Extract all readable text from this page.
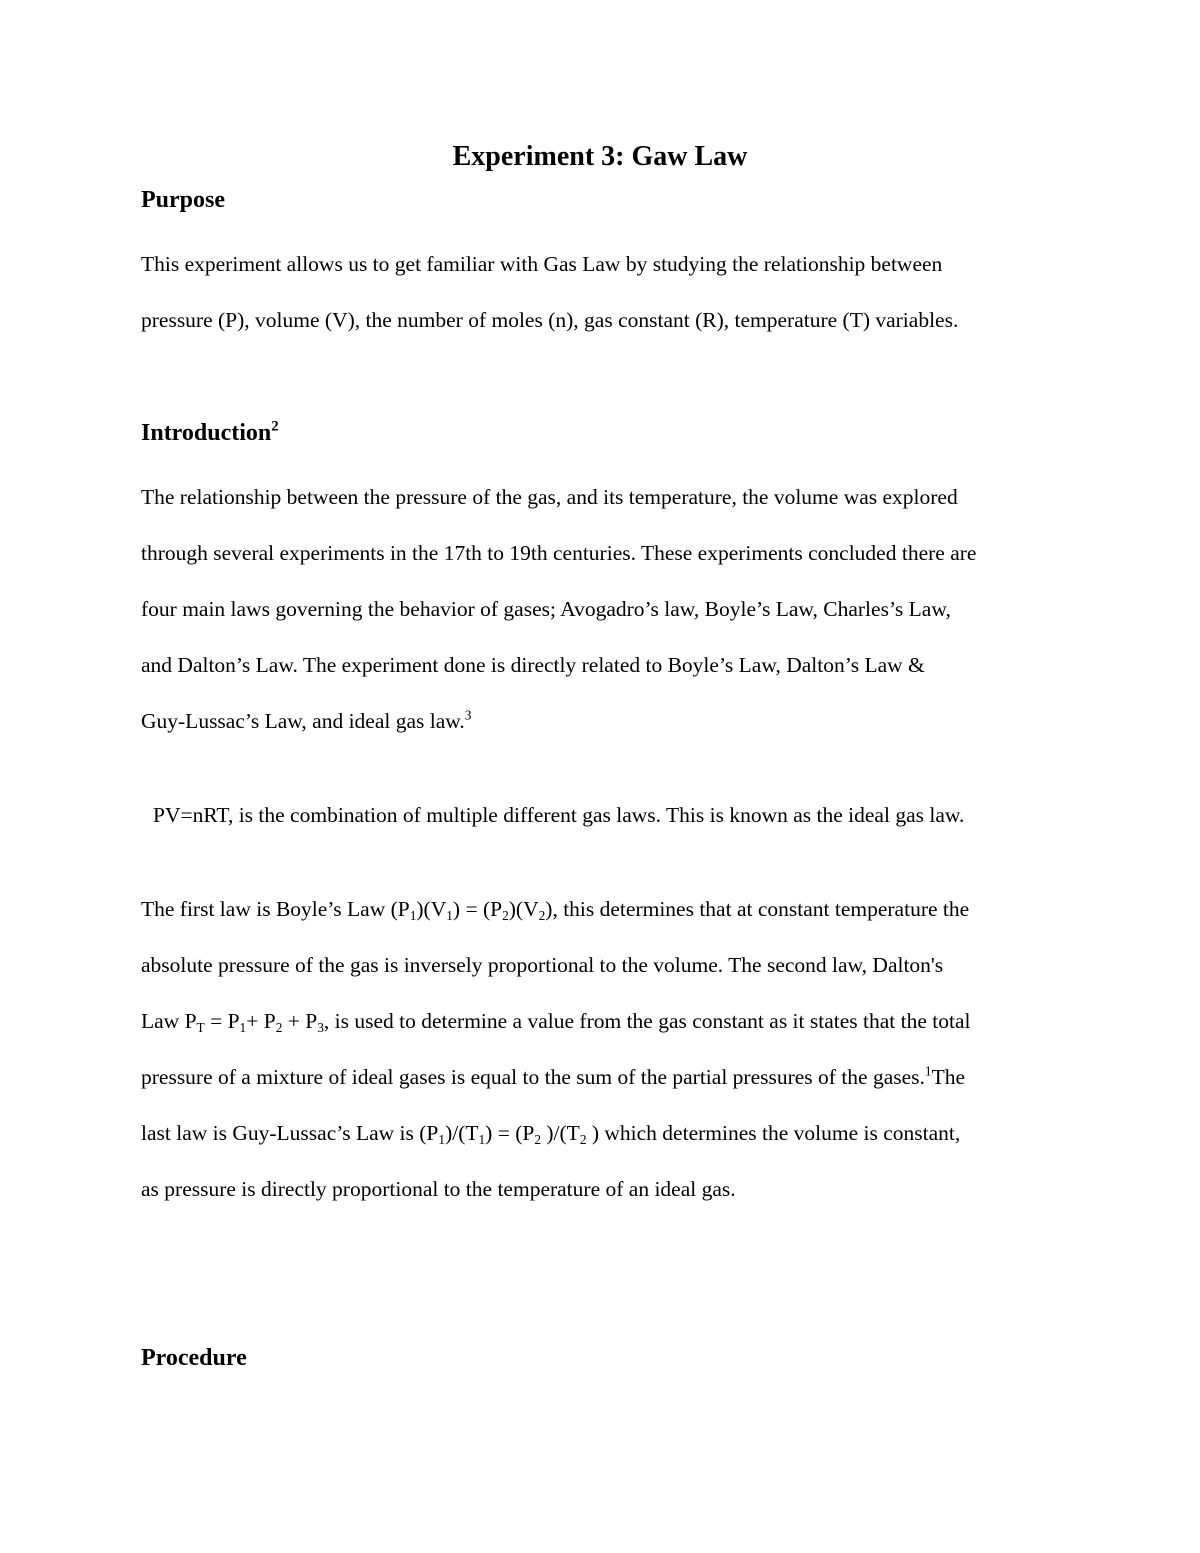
Experiment 3: Gaw Law
Purpose

This experiment allows us to get familiar with Gas Law by studying the relationship between

pressure (P), volume (V), the number of moles (n), gas constant (R), temperature (T) variables.

Introduction$^2$

The relationship between the pressure of the gas, and its temperature, the volume was explored

through several experiments in the 17th to 19th centuries. These experiments concluded there are

four main laws governing the behavior of gases; Avogadro’s law, Boyle’s Law, Charles’s Law,

and Dalton’s Law. The experiment done is directly related to Boyle’s Law, Dalton’s Law &

Guy-Lussac’s Law, and ideal gas law.$^3$

PV=nRT, is the combination of multiple different gas laws. This is known as the ideal gas law.

The first law is Boyle’s Law $(P_1)(V_1) = (P_2)(V_2)$, this determines that at constant temperature the

absolute pressure of the gas is inversely proportional to the volume. The second law, Dalton's

Law $P_T = P_1+ P_2 + P_3$, is used to determine a value from the gas constant as it states that the total

pressure of a mixture of ideal gases is equal to the sum of the partial pressures of the gases.$^1$The

last law is Guy-Lussac’s Law is $(P_1)/(T_1) = (P_2$ )$/(T_2$ ) which determines the volume is constant,

as pressure is directly proportional to the temperature of an ideal gas.

Procedure
